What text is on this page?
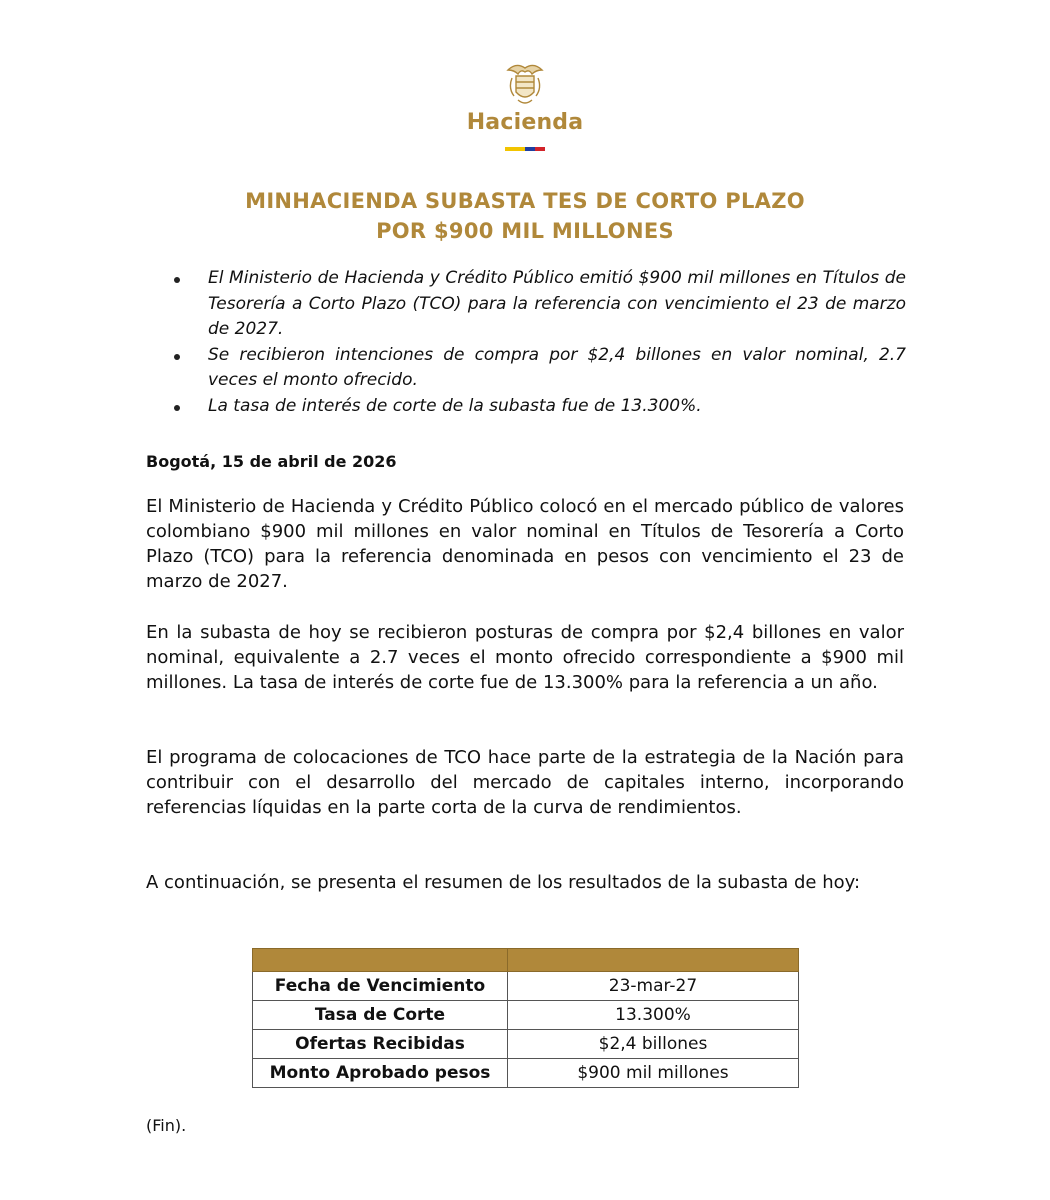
Hacienda
MINHACIENDA SUBASTA TES DE CORTO PLAZO
POR $900 MIL MILLONES
El Ministerio de Hacienda y Crédito Público emitió $900 mil millones en Títulos de Tesorería a Corto Plazo (TCO) para la referencia con vencimiento el 23 de marzo de 2027.
Se recibieron intenciones de compra por $2,4 billones en valor nominal, 2.7 veces el monto ofrecido.
La tasa de interés de corte de la subasta fue de 13.300%.
Bogotá, 15 de abril de 2026

El Ministerio de Hacienda y Crédito Público colocó en el mercado público de valores colombiano $900 mil millones en valor nominal en Títulos de Tesorería a Corto Plazo (TCO) para la referencia denominada en pesos con vencimiento el 23 de marzo de 2027.

En la subasta de hoy se recibieron posturas de compra por $2,4 billones en valor nominal, equivalente a 2.7 veces el monto ofrecido correspondiente a $900 mil millones. La tasa de interés de corte fue de 13.300% para la referencia a un año.

El programa de colocaciones de TCO hace parte de la estrategia de la Nación para contribuir con el desarrollo del mercado de capitales interno, incorporando referencias líquidas en la parte corta de la curva de rendimientos.

A continuación, se presenta el resumen de los resultados de la subasta de hoy:

Fecha de Vencimiento	23-mar-27
Tasa de Corte	13.300%
Ofertas Recibidas	$2,4 billones
Monto Aprobado pesos	$900 mil millones
(Fin).
